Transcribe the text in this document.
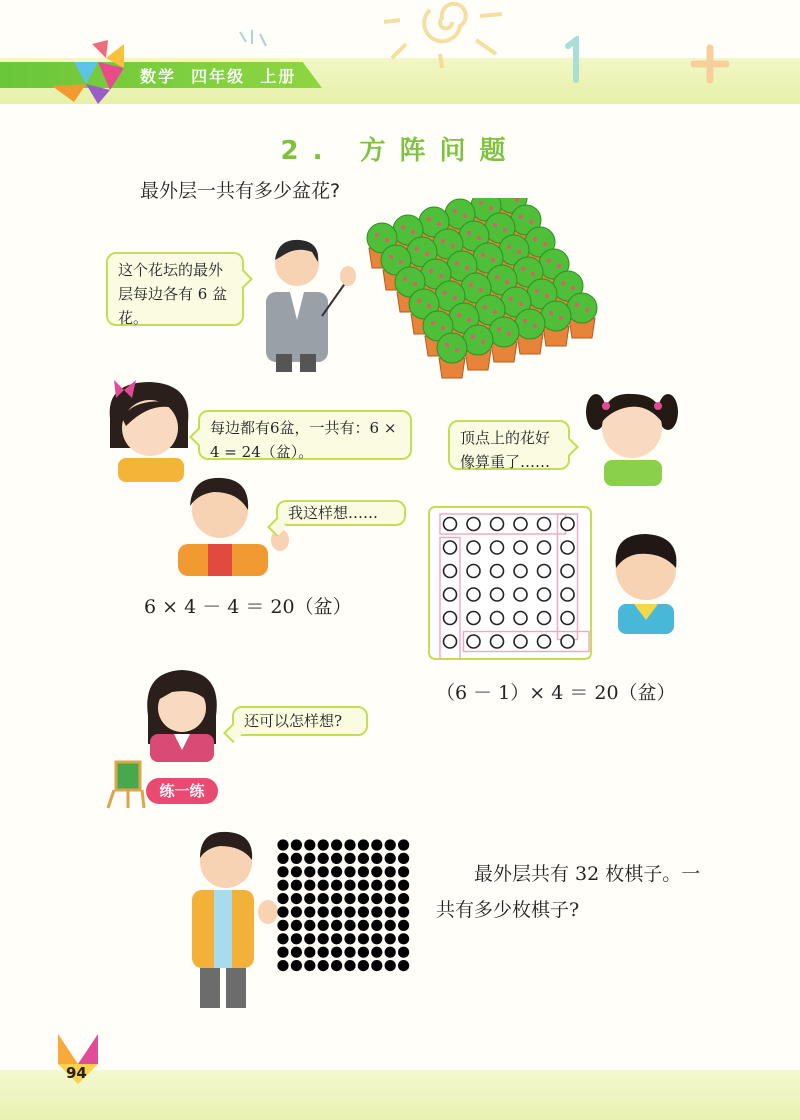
数学 四年级 上册
2. 方阵问题
最外层一共有多少盆花?
这个花坛的最外层每边各有 6 盆花。
每边都有6盆，一共有：6 × 4 = 24（盆）。
顶点上的花好像算重了……
我这样想……
6 × 4 － 4 ＝ 20（盆）
（6 － 1）× 4 ＝ 20（盆）
还可以怎样想?
练一练
最外层共有 32 枚棋子。一共有多少枚棋子?
94
